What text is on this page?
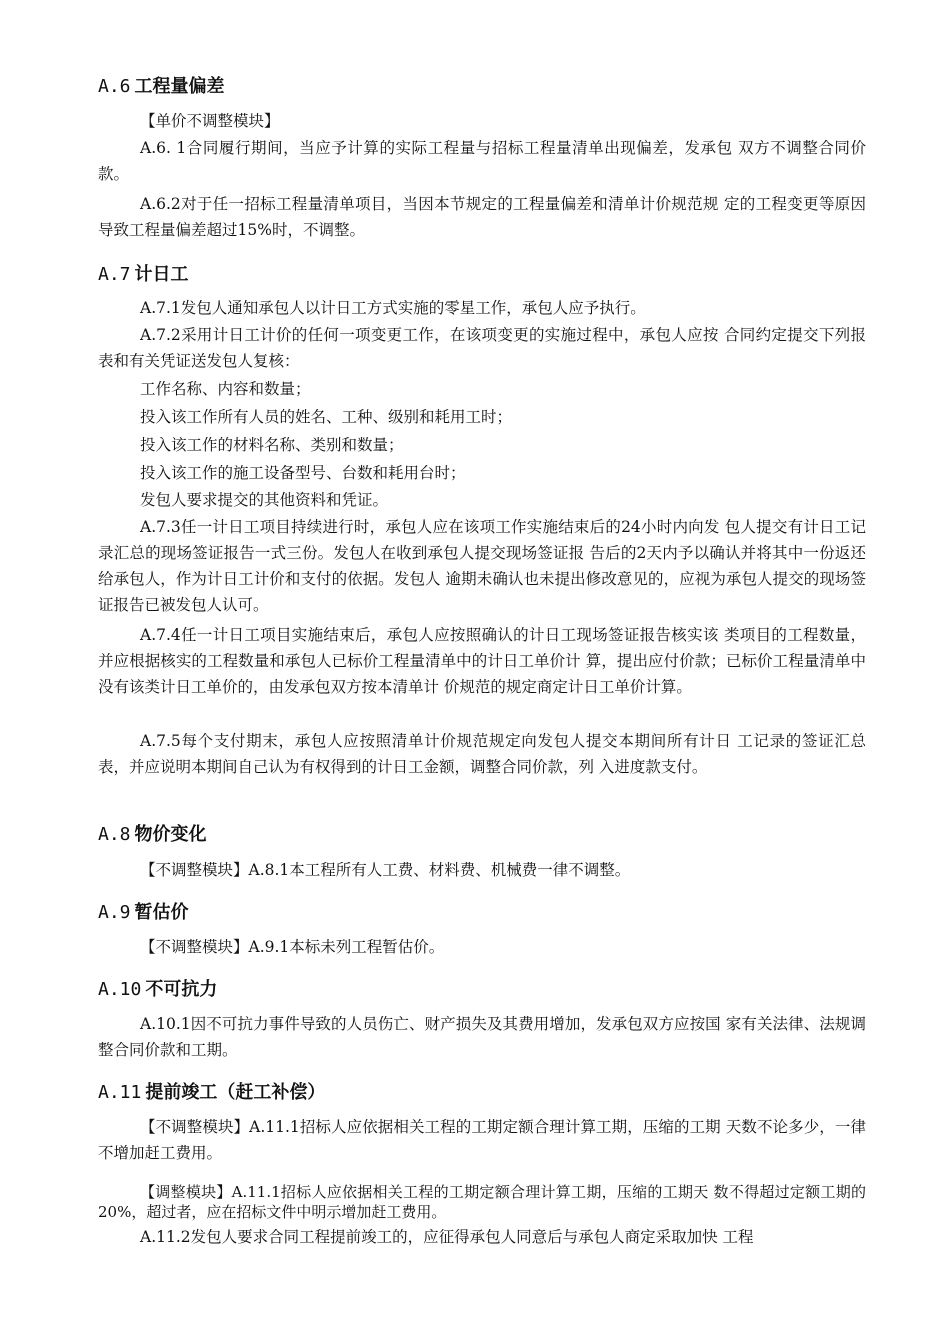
A.6 工程量偏差

【单价不调整模块】

A.6. 1合同履行期间，当应予计算的实际工程量与招标工程量清单出现偏差，发承包 双方不调整合同价款。

A.6.2对于任一招标工程量清单项目，当因本节规定的工程量偏差和清单计价规范规 定的工程变更等原因导致工程量偏差超过15%时，不调整。

A.7 计日工

A.7.1发包人通知承包人以计日工方式实施的零星工作，承包人应予执行。

A.7.2采用计日工计价的任何一项变更工作，在该项变更的实施过程中，承包人应按 合同约定提交下列报表和有关凭证送发包人复核：

工作名称、内容和数量；

投入该工作所有人员的姓名、工种、级别和耗用工时；

投入该工作的材料名称、类别和数量；

投入该工作的施工设备型号、台数和耗用台时；

发包人要求提交的其他资料和凭证。

A.7.3任一计日工项目持续进行时，承包人应在该项工作实施结束后的24小时内向发 包人提交有计日工记录汇总的现场签证报告一式三份。发包人在收到承包人提交现场签证报 告后的2天内予以确认并将其中一份返还给承包人，作为计日工计价和支付的依据。发包人 逾期未确认也未提出修改意见的，应视为承包人提交的现场签证报告已被发包人认可。

A.7.4任一计日工项目实施结束后，承包人应按照确认的计日工现场签证报告核实该 类项目的工程数量，并应根据核实的工程数量和承包人已标价工程量清单中的计日工单价计 算，提出应付价款；已标价工程量清单中没有该类计日工单价的，由发承包双方按本清单计 价规范的规定商定计日工单价计算。

A.7.5每个支付期末，承包人应按照清单计价规范规定向发包人提交本期间所有计日 工记录的签证汇总表，并应说明本期间自己认为有权得到的计日工金额，调整合同价款，列 入进度款支付。

A.8 物价变化

【不调整模块】A.8.1本工程所有人工费、材料费、机械费一律不调整。

A.9 暂估价

【不调整模块】A.9.1本标未列工程暂估价。

A.10 不可抗力

A.10.1因不可抗力事件导致的人员伤亡、财产损失及其费用增加，发承包双方应按国 家有关法律、法规调整合同价款和工期。

A.11 提前竣工（赶工补偿）

【不调整模块】A.11.1招标人应依据相关工程的工期定额合理计算工期，压缩的工期 天数不论多少，一律不增加赶工费用。

【调整模块】A.11.1招标人应依据相关工程的工期定额合理计算工期，压缩的工期天 数不得超过定额工期的20%，超过者，应在招标文件中明示增加赶工费用。

A.11.2发包人要求合同工程提前竣工的，应征得承包人同意后与承包人商定采取加快 工程
